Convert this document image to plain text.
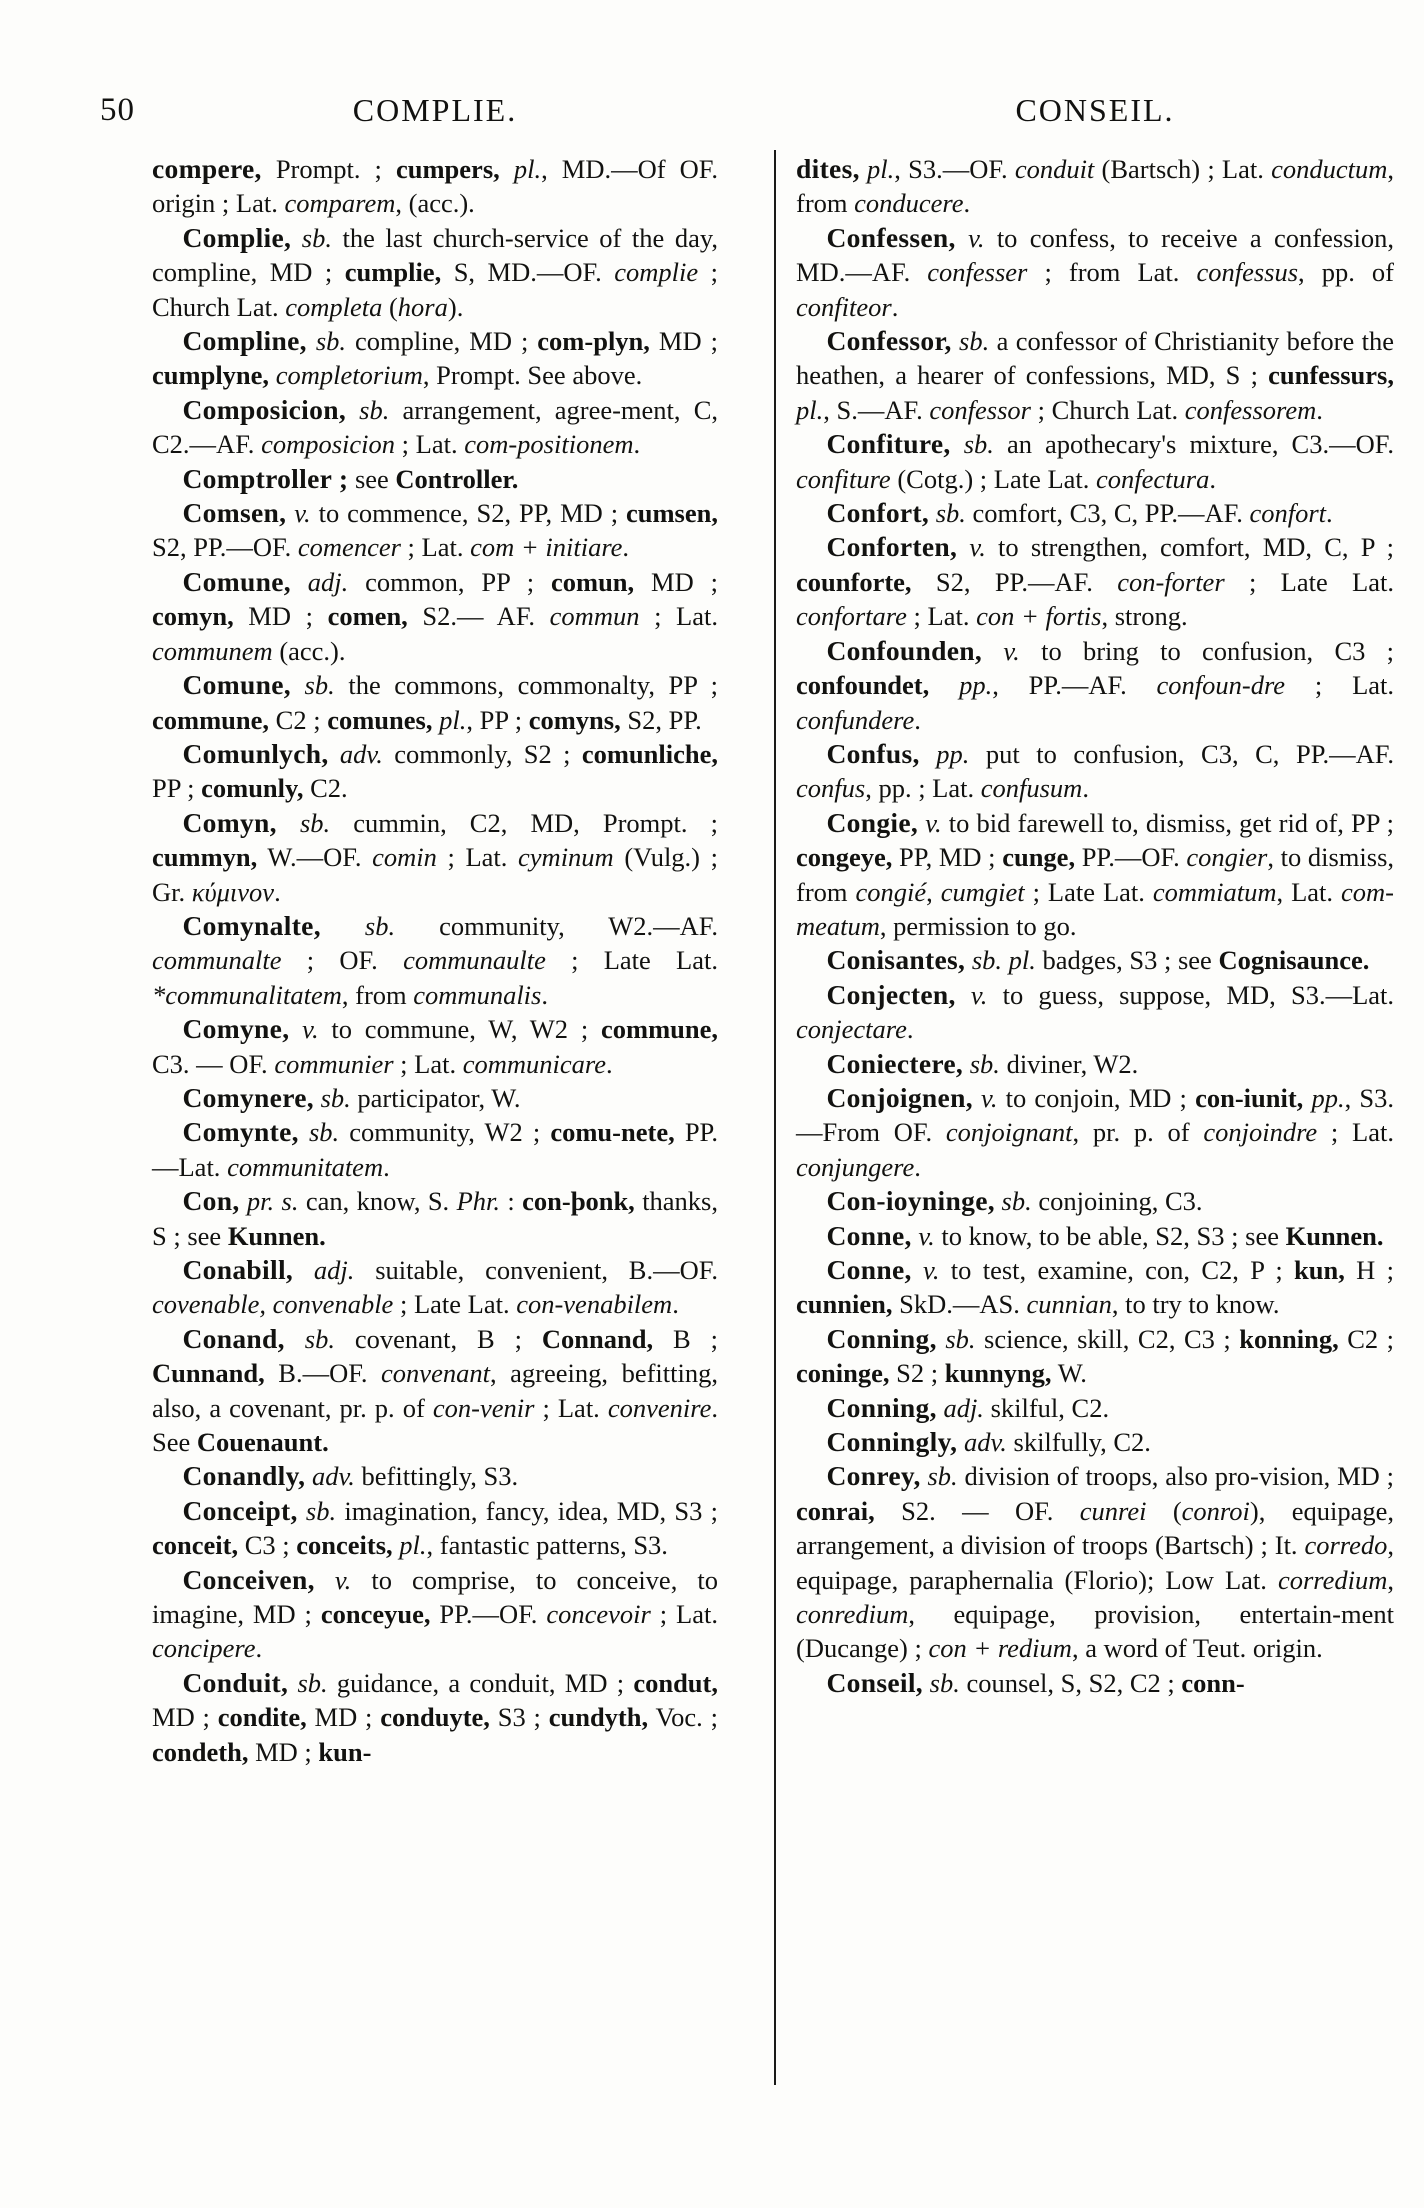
50	COMPLIE.	CONSEIL.

compere, Prompt. ; cumpers, pl., MD.—Of OF. origin ; Lat. comparem, (acc.).

Complie, sb. the last church-service of the day, compline, MD ; cumplie, S, MD.—OF. complie ; Church Lat. completa (hora).

Compline, sb. compline, MD ; com-plyn, MD ; cumplyne, completorium, Prompt. See above.

Composicion, sb. arrangement, agree-ment, C, C2.—AF. composicion ; Lat. com-positionem.

Comptroller ; see Controller.

Comsen, v. to commence, S2, PP, MD ; cumsen, S2, PP.—OF. comencer ; Lat. com + initiare.

Comune, adj. common, PP ; comun, MD ; comyn, MD ; comen, S2.— AF. commun ; Lat. communem (acc.).

Comune, sb. the commons, commonalty, PP ; commune, C2 ; comunes, pl., PP ; comyns, S2, PP.

Comunlych, adv. commonly, S2 ; comunliche, PP ; comunly, C2.

Comyn, sb. cummin, C2, MD, Prompt. ; cummyn, W.—OF. comin ; Lat. cyminum (Vulg.) ; Gr. κύμινον.

Comynalte, sb. community, W2.—AF. communalte ; OF. communaulte ; Late Lat. *communalitatem, from communalis.

Comyne, v. to commune, W, W2 ; commune, C3. — OF. communier ; Lat. communicare.

Comynere, sb. participator, W.

Comynte, sb. community, W2 ; comu-nete, PP.—Lat. communitatem.

Con, pr. s. can, know, S. Phr. : con-þonk, thanks, S ; see Kunnen.

Conabill, adj. suitable, convenient, B.—OF. covenable, convenable ; Late Lat. con-venabilem.

Conand, sb. covenant, B ; Connand, B ; Cunnand, B.—OF. convenant, agreeing, befitting, also, a covenant, pr. p. of con-venir ; Lat. convenire. See Couenaunt.

Conandly, adv. befittingly, S3.

Conceipt, sb. imagination, fancy, idea, MD, S3 ; conceit, C3 ; conceits, pl., fantastic patterns, S3.

Conceiven, v. to comprise, to conceive, to imagine, MD ; conceyue, PP.—OF. concevoir ; Lat. concipere.

Conduit, sb. guidance, a conduit, MD ; condut, MD ; condite, MD ; conduyte, S3 ; cundyth, Voc. ; condeth, MD ; kun-

dites, pl., S3.—OF. conduit (Bartsch) ; Lat. conductum, from conducere.

Confessen, v. to confess, to receive a confession, MD.—AF. confesser ; from Lat. confessus, pp. of confiteor.

Confessor, sb. a confessor of Christianity before the heathen, a hearer of confessions, MD, S ; cunfessurs, pl., S.—AF. confessor ; Church Lat. confessorem.

Confiture, sb. an apothecary's mixture, C3.—OF. confiture (Cotg.) ; Late Lat. confectura.

Confort, sb. comfort, C3, C, PP.—AF. confort.

Conforten, v. to strengthen, comfort, MD, C, P ; counforte, S2, PP.—AF. con-forter ; Late Lat. confortare ; Lat. con + fortis, strong.

Confounden, v. to bring to confusion, C3 ; confoundet, pp., PP.—AF. confoun-dre ; Lat. confundere.

Confus, pp. put to confusion, C3, C, PP.—AF. confus, pp. ; Lat. confusum.

Congie, v. to bid farewell to, dismiss, get rid of, PP ; congeye, PP, MD ; cunge, PP.—OF. congier, to dismiss, from congié, cumgiet ; Late Lat. commiatum, Lat. com-meatum, permission to go.

Conisantes, sb. pl. badges, S3 ; see Cognisaunce.

Conjecten, v. to guess, suppose, MD, S3.—Lat. conjectare.

Coniectere, sb. diviner, W2.

Conjoignen, v. to conjoin, MD ; con-iunit, pp., S3.—From OF. conjoignant, pr. p. of conjoindre ; Lat. conjungere.

Con-ioyninge, sb. conjoining, C3.

Conne, v. to know, to be able, S2, S3 ; see Kunnen.

Conne, v. to test, examine, con, C2, P ; kun, H ; cunnien, SkD.—AS. cunnian, to try to know.

Conning, sb. science, skill, C2, C3 ; konning, C2 ; coninge, S2 ; kunnyng, W.

Conning, adj. skilful, C2.

Conningly, adv. skilfully, C2.

Conrey, sb. division of troops, also pro-vision, MD ; conrai, S2. — OF. cunrei (conroi), equipage, arrangement, a division of troops (Bartsch) ; It. corredo, equipage, paraphernalia (Florio); Low Lat. corredium, conredium, equipage, provision, entertain-ment (Ducange) ; con + redium, a word of Teut. origin.

Conseil, sb. counsel, S, S2, C2 ; conn-
